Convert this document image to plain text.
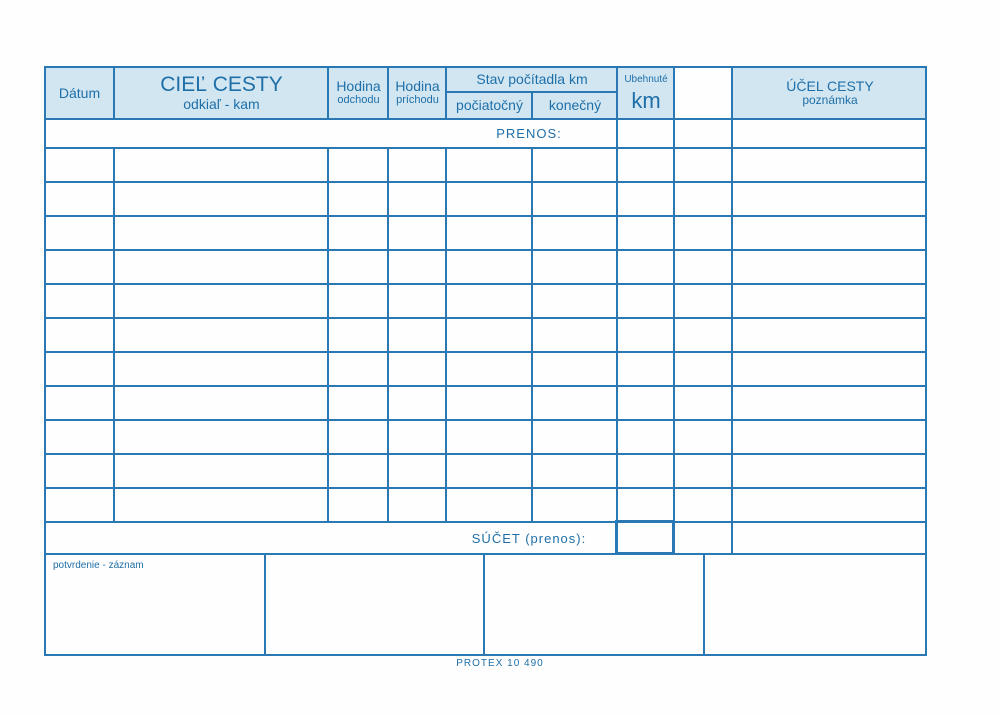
Dátum	CIEĽ CESTY
odkiaľ - kam
Hodina
odchodu
Hodina
príchodu
Stav počítadla km
počiatočný	konečný
Ubehnuté
km
ÚČEL CESTY
poznámka
PRENOS:
SÚČET (prenos):
potvrdenie - záznam
PROTEX 10 490
